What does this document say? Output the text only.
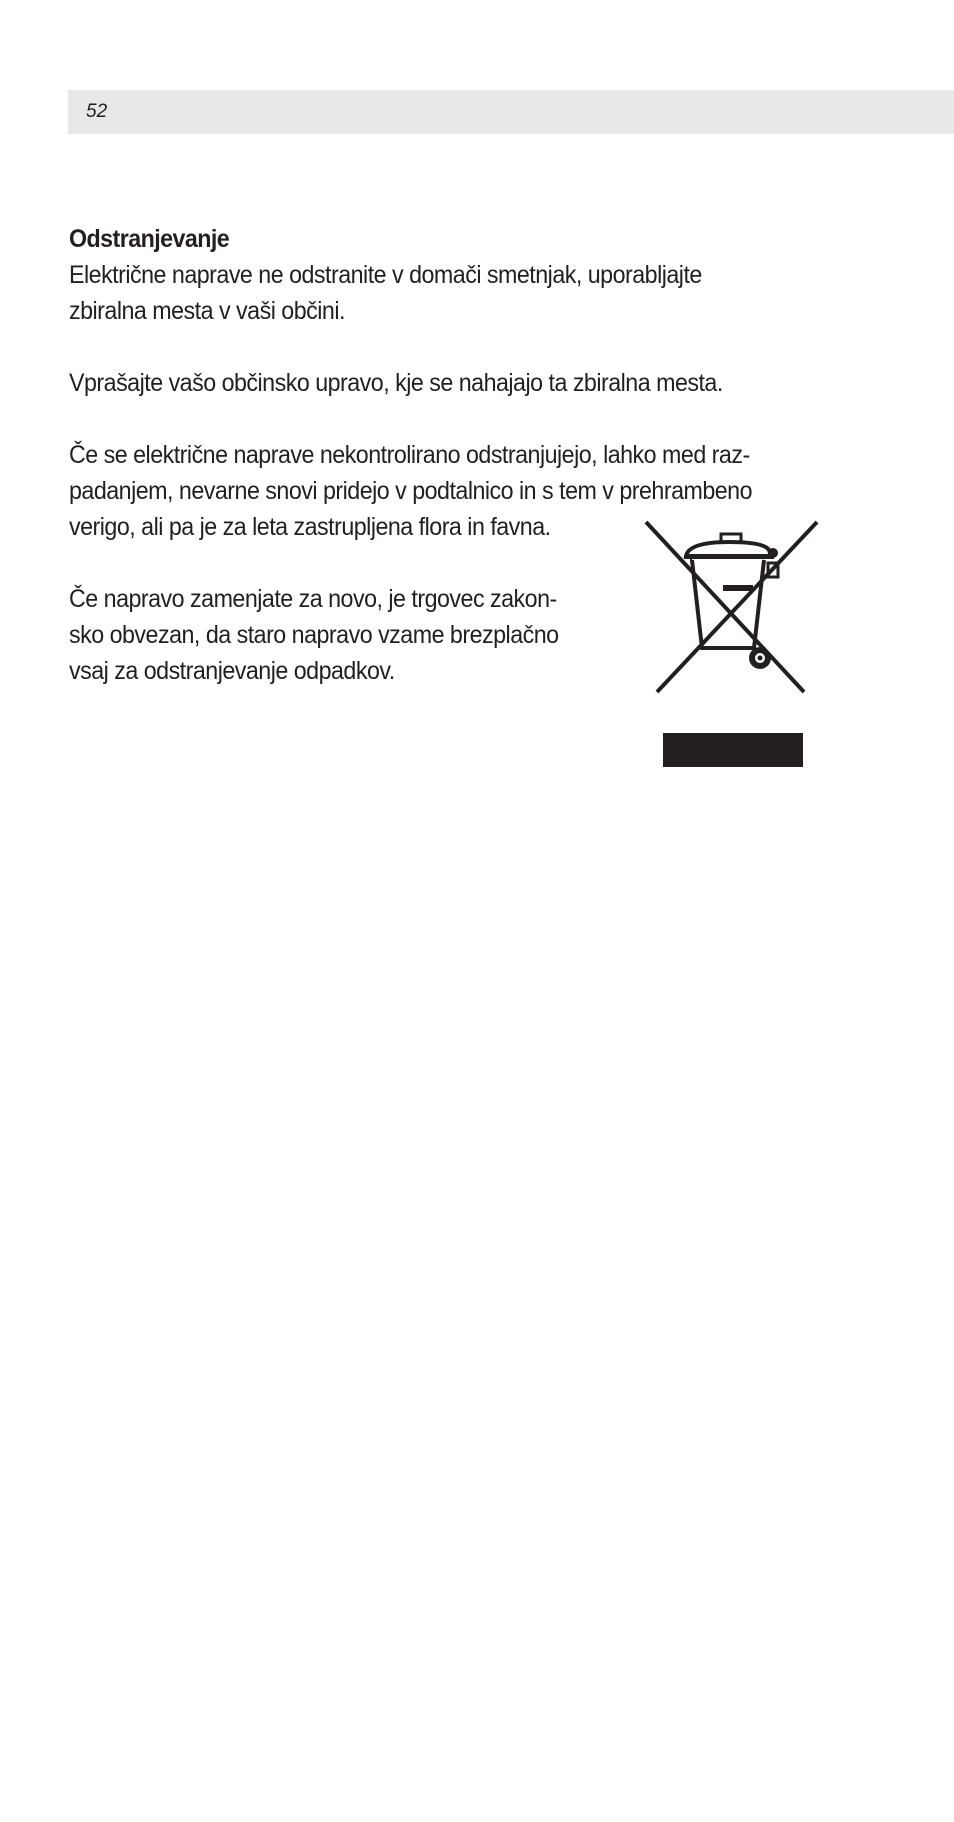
52

Odstranjevanje

Električne naprave ne odstranite v domači smetnjak, uporabljajte
zbiralna mesta v vaši občini.

Vprašajte vašo občinsko upravo, kje se nahajajo ta zbiralna mesta.

Če se električne naprave nekontrolirano odstranjujejo, lahko med raz-
padanjem, nevarne snovi pridejo v podtalnico in s tem v prehrambeno
verigo, ali pa je za leta zastrupljena flora in favna.

Če napravo zamenjate za novo, je trgovec zakon-
sko obvezan, da staro napravo vzame brezplačno
vsaj za odstranjevanje odpadkov.
